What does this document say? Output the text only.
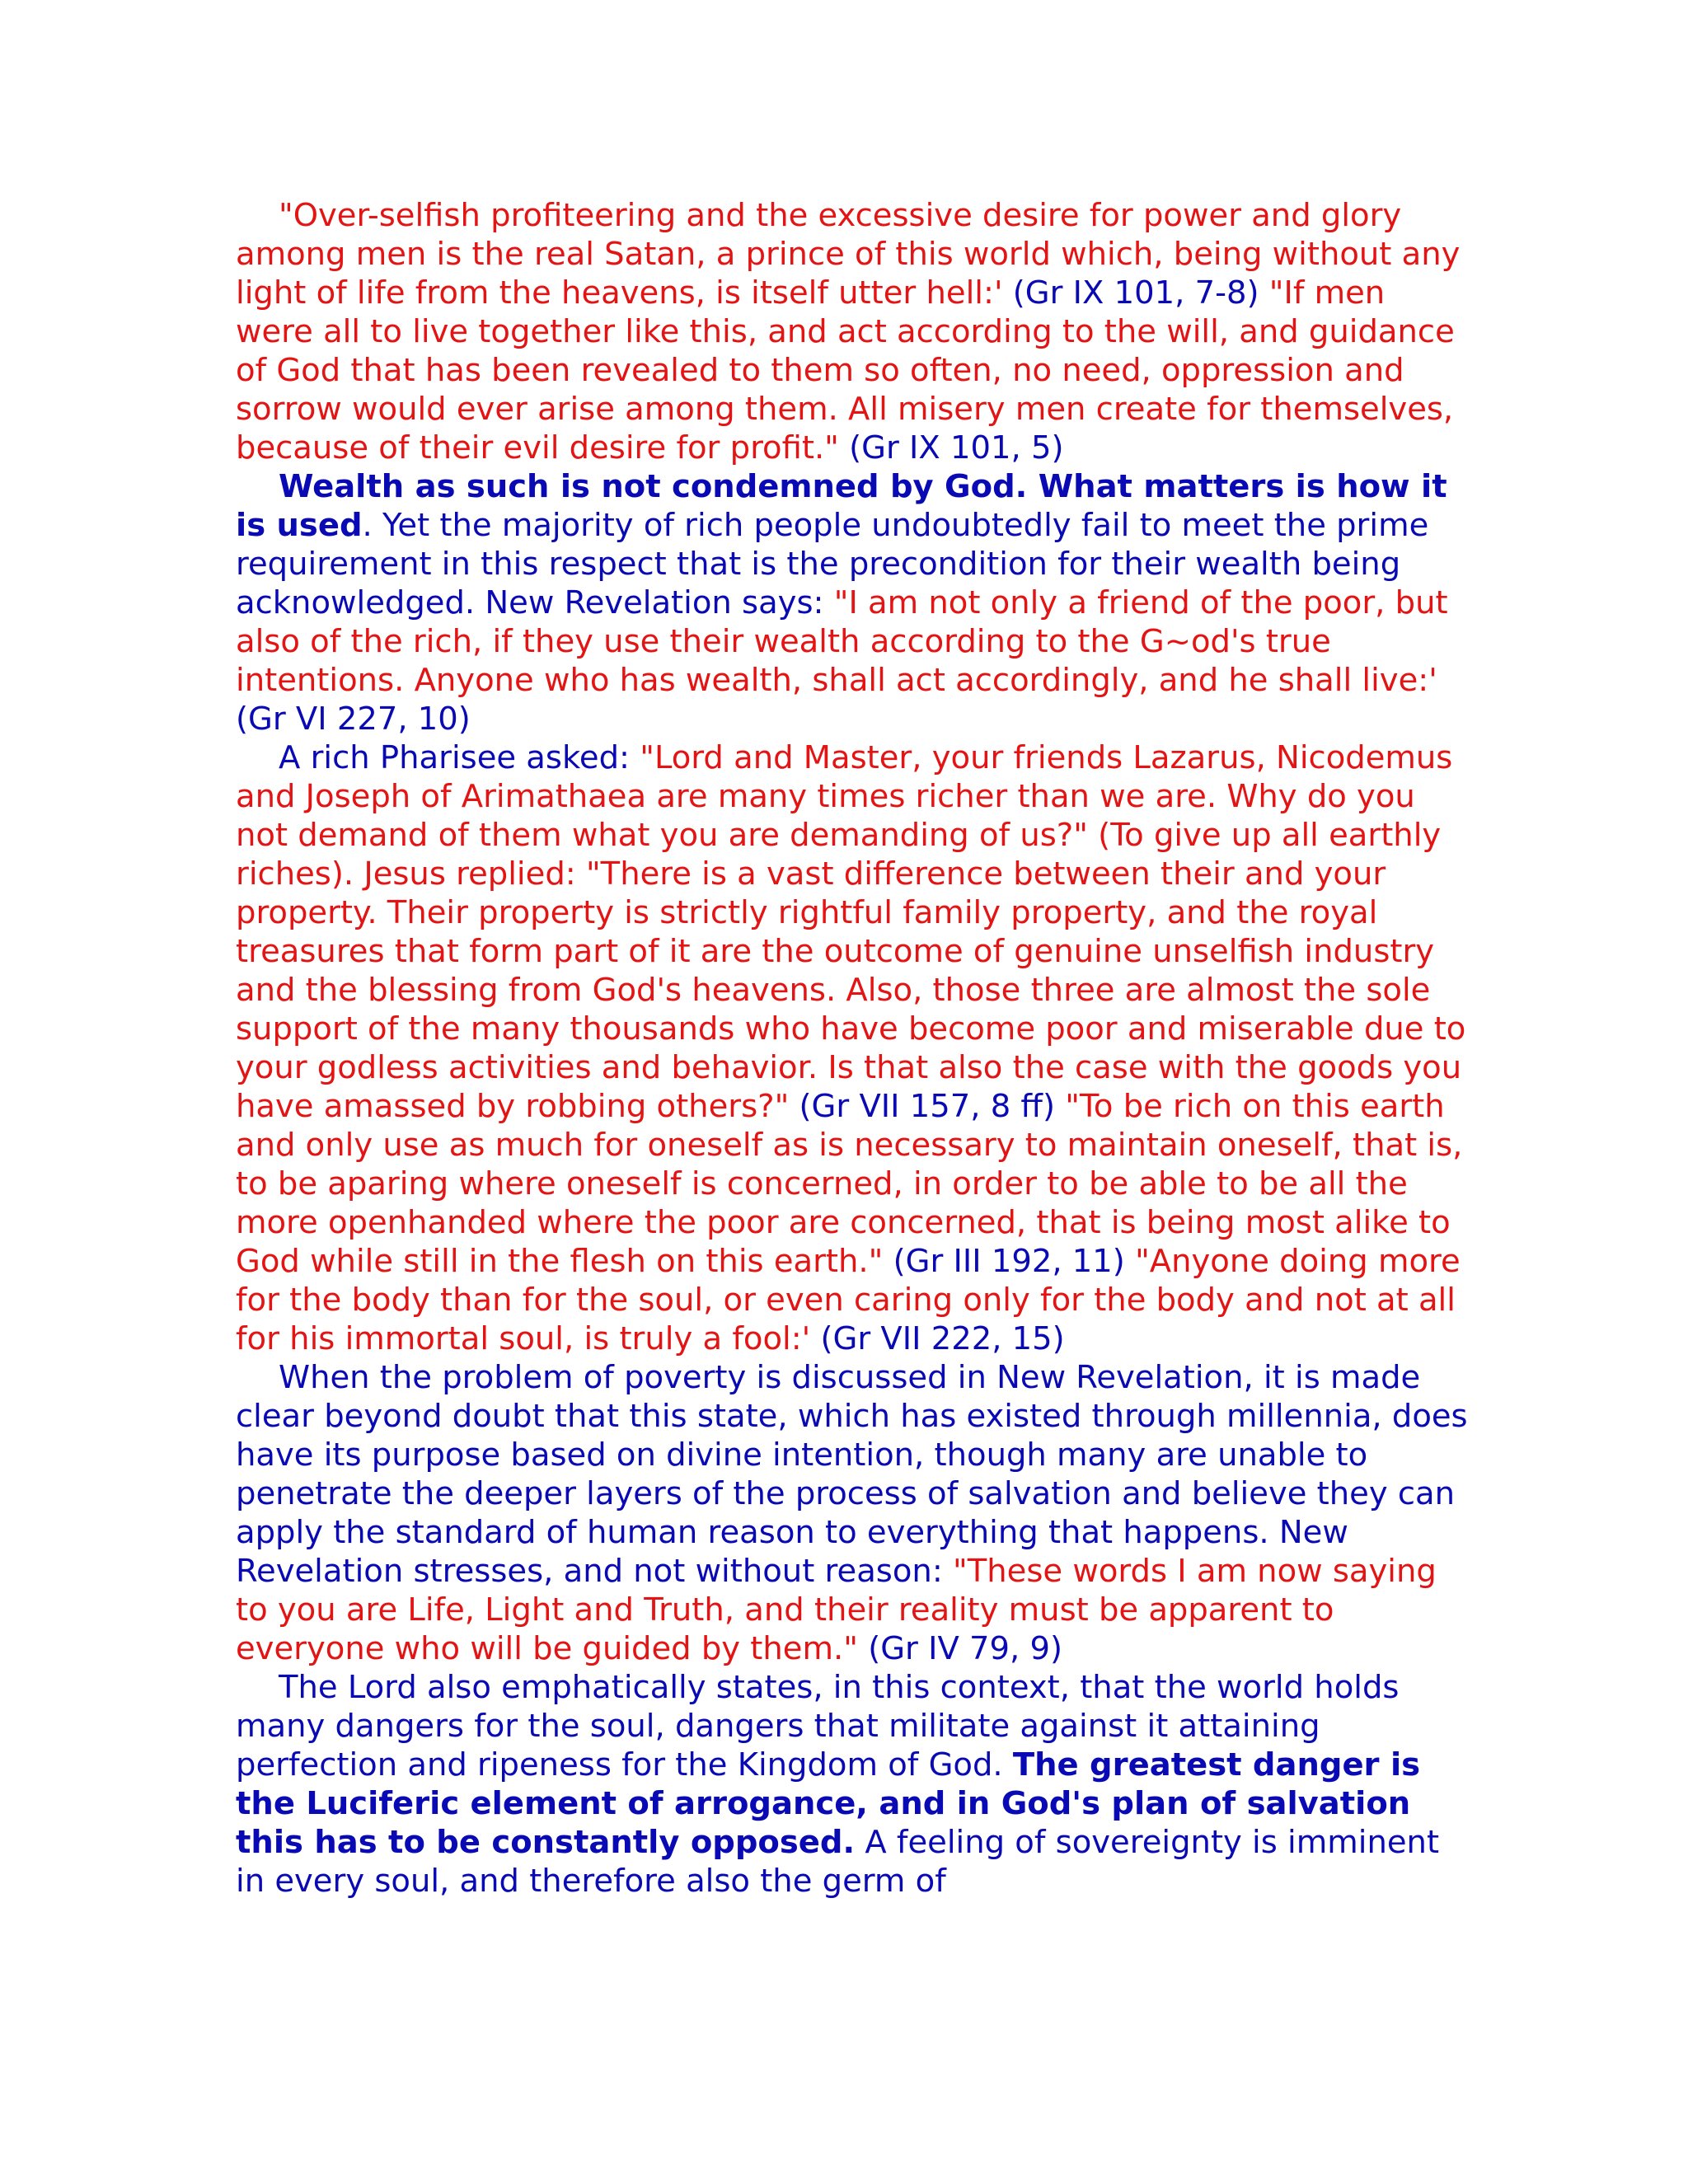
"Over-selfish profiteering and the excessive desire for power and glory among men is the real Satan, a prince of this world which, being without any light of life from the heavens, is itself utter hell:' (Gr IX 101, 7-8) "If men were all to live together like this, and act according to the will, and guidance of God that has been revealed to them so often, no need, oppression and sorrow would ever arise among them. All misery men create for themselves, because of their evil desire for profit." (Gr IX 101, 5)

Wealth as such is not condemned by God. What matters is how it is used. Yet the majority of rich people undoubtedly fail to meet the prime requirement in this respect that is the precondition for their wealth being acknowledged. New Revelation says: "I am not only a friend of the poor, but also of the rich, if they use their wealth according to the G~od's true intentions. Anyone who has wealth, shall act accordingly, and he shall live:' (Gr VI 227, 10)

A rich Pharisee asked: "Lord and Master, your friends Lazarus, Nicodemus and Joseph of Arimathaea are many times richer than we are. Why do you not demand of them what you are demanding of us?" (To give up all earthly riches). Jesus replied: "There is a vast difference between their and your property. Their property is strictly rightful family property, and the royal treasures that form part of it are the outcome of genuine unselfish industry and the blessing from God's heavens. Also, those three are almost the sole support of the many thousands who have become poor and miserable due to your godless activities and behavior. Is that also the case with the goods you have amassed by robbing others?" (Gr VII 157, 8 ff) "To be rich on this earth and only use as much for oneself as is necessary to maintain oneself, that is, to be aparing where oneself is concerned, in order to be able to be all the more openhanded where the poor are concerned, that is being most alike to God while still in the flesh on this earth." (Gr III 192, 11) "Anyone doing more for the body than for the soul, or even caring only for the body and not at all for his immortal soul, is truly a fool:' (Gr VII 222, 15)

When the problem of poverty is discussed in New Revelation, it is made clear beyond doubt that this state, which has existed through millennia, does have its purpose based on divine intention, though many are unable to penetrate the deeper layers of the process of salvation and believe they can apply the standard of human reason to everything that happens. New Revelation stresses, and not without reason: "These words I am now saying to you are Life, Light and Truth, and their reality must be apparent to everyone who will be guided by them." (Gr IV 79, 9)

The Lord also emphatically states, in this context, that the world holds many dangers for the soul, dangers that militate against it attaining perfection and ripeness for the Kingdom of God. The greatest danger is the Luciferic element of arrogance, and in God's plan of salvation this has to be constantly opposed. A feeling of sovereignty is imminent in every soul, and therefore also the germ of
